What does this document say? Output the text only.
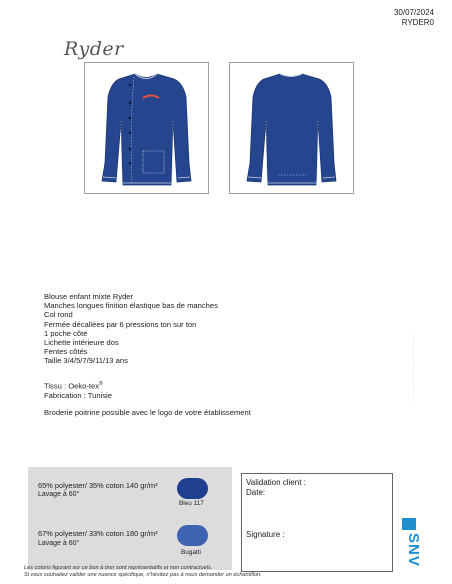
30/07/2024
RYDER0
Ryder
Blouse enfant mixte Ryder
Manches longues finition élastique bas de manches
Col rond
Fermée décallées par 6 pressions ton sur ton
1 poche côté
Lichette intérieure dos
Fentes côtés
Taille 3/4/5/7/9/11/13 ans
Tissu : Oeko-tex®
Fabrication : Tunisie
Broderie poitrine possible avec le logo de votre établissement
65% polyester/ 35% coton 140 gr/m²
Lavage à 60°
Bleu 117
67% polyester/ 33% coton 180 gr/m²
Lavage à 60°
Bugatti
Validation client :
Date:
Signature :
Les coloris figurant sur ce bon à tirer sont représentatifs et non contractuels.
Si vous souhaitez valider une nuance spécifique, n'hésitez pas à nous demander un échantillon.
· · · · · · · · · · · · · · · · · · · · · · · · · · · · · · · ·
SNV
